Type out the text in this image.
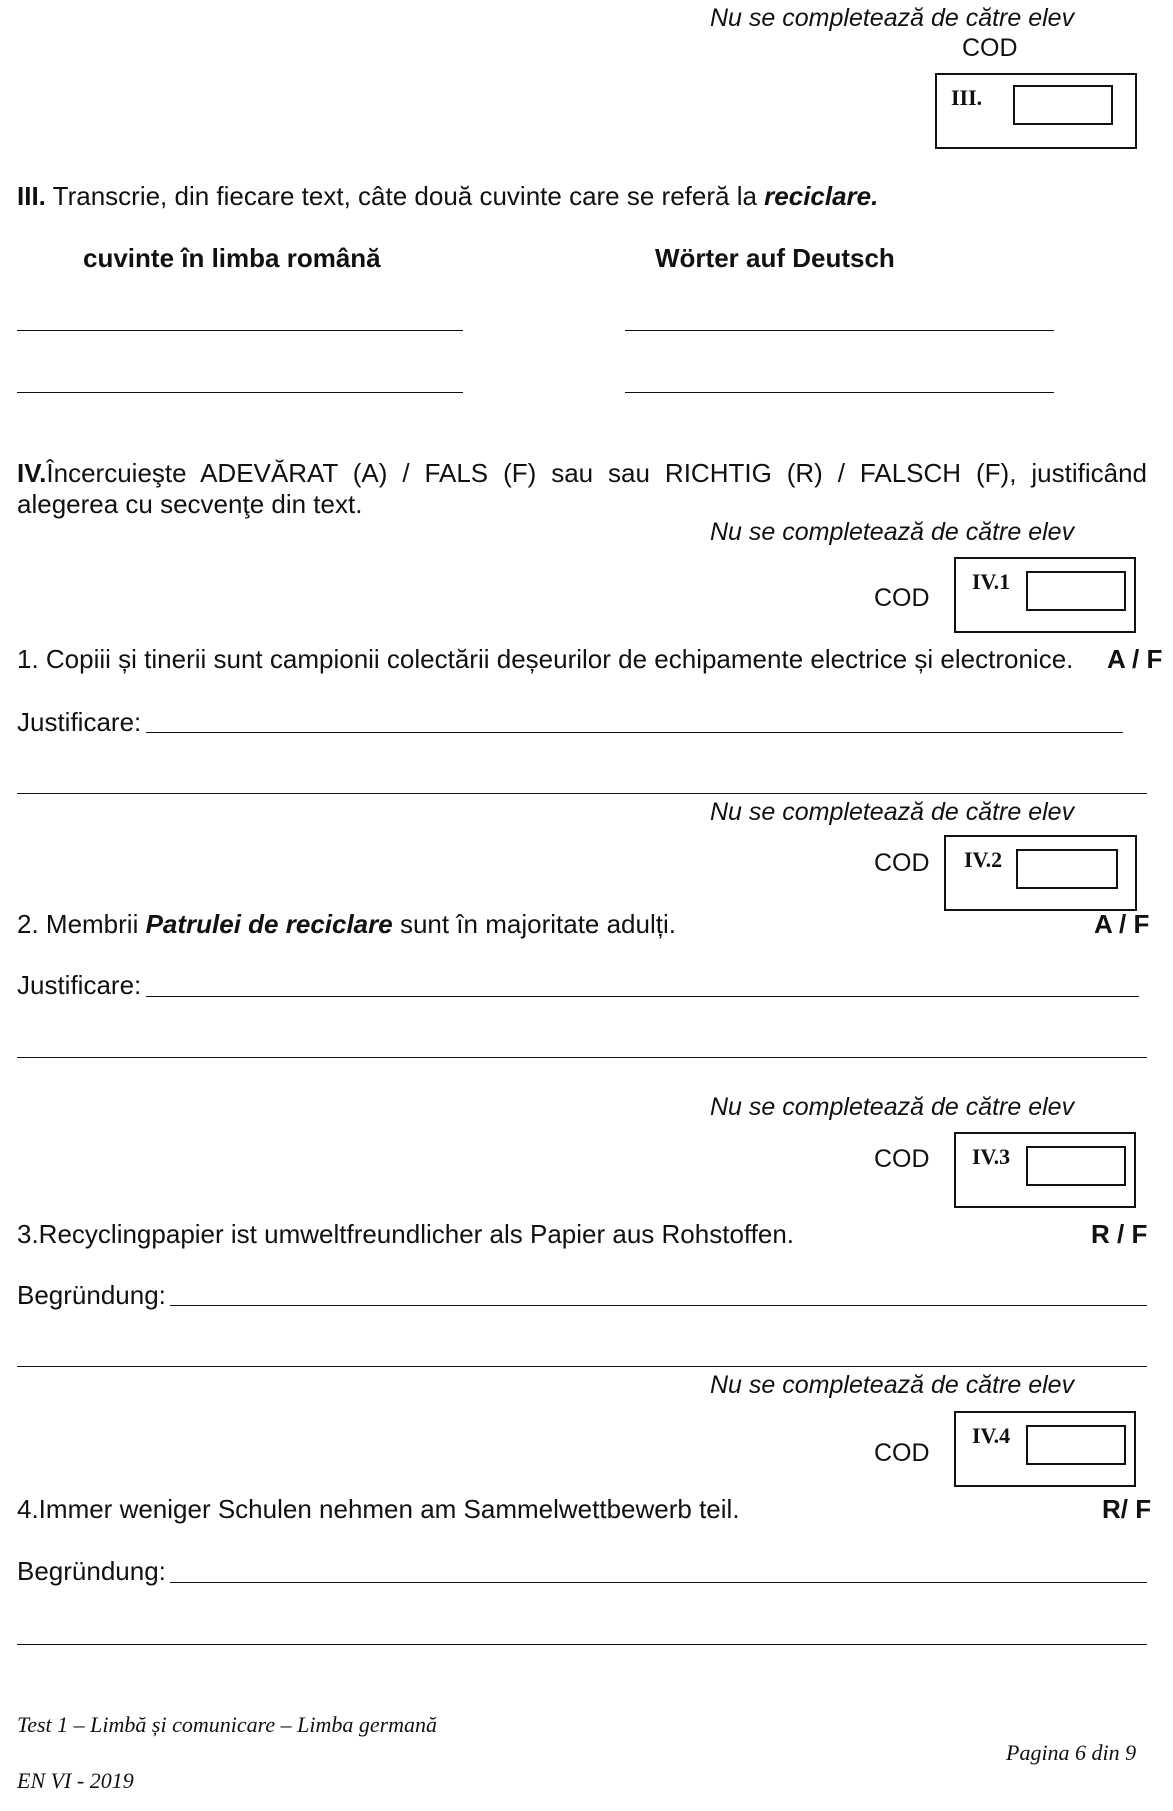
Nu se completează de către elev
COD
III.
III. Transcrie, din fiecare text, câte două cuvinte care se referă la reciclare.
cuvinte în limba română	Wörter auf Deutsch
IV.Încercuieşte ADEVĂRAT (A) / FALS (F) sau sau RICHTIG (R) / FALSCH (F), justificând
alegerea cu secvenţe din text.
Nu se completează de către elev
COD
IV.1
1. Copiii și tinerii sunt campionii colectării deșeurilor de echipamente electrice și electronice. A / F
Justificare:
Nu se completează de către elev
COD IV.2
2. Membrii Patrulei de reciclare sunt în majoritate adulți.	A / F
Justificare:
Nu se completează de către elev
COD IV.3
3.Recyclingpapier ist umweltfreundlicher als Papier aus Rohstoffen.	R / F
Begründung:
Nu se completează de către elev
COD
IV.4
4.Immer weniger Schulen nehmen am Sammelwettbewerb teil.	R/ F
Begründung:
Test 1 – Limbă și comunicare – Limba germană
Pagina 6 din 9
EN VI - 2019
